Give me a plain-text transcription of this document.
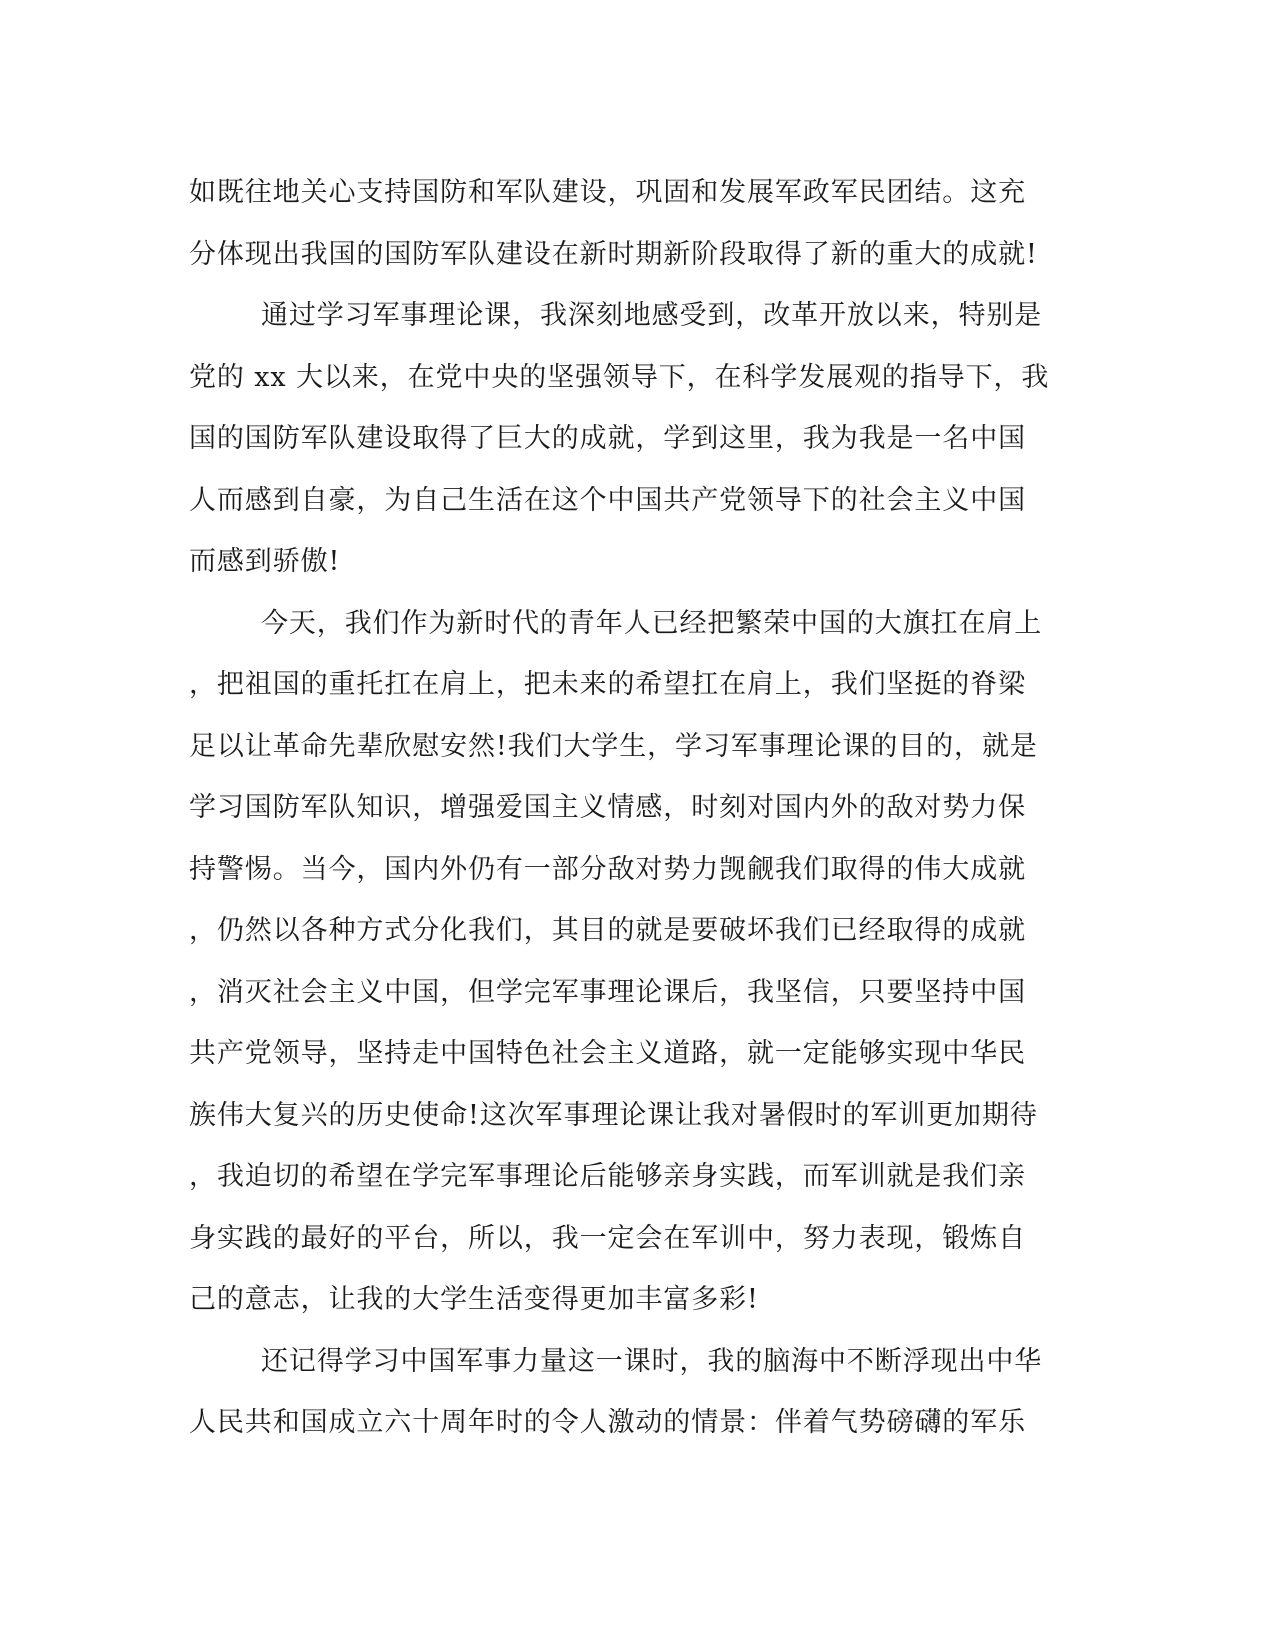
如既往地关心支持国防和军队建设，巩固和发展军政军民团结。这充
分体现出我国的国防军队建设在新时期新阶段取得了新的重大的成就!
通过学习军事理论课，我深刻地感受到，改革开放以来，特别是
党的 xx 大以来，在党中央的坚强领导下，在科学发展观的指导下，我
国的国防军队建设取得了巨大的成就，学到这里，我为我是一名中国
人而感到自豪，为自己生活在这个中国共产党领导下的社会主义中国
而感到骄傲!
今天，我们作为新时代的青年人已经把繁荣中国的大旗扛在肩上
，把祖国的重托扛在肩上，把未来的希望扛在肩上，我们坚挺的脊梁
足以让革命先辈欣慰安然!我们大学生，学习军事理论课的目的，就是
学习国防军队知识，增强爱国主义情感，时刻对国内外的敌对势力保
持警惕。当今，国内外仍有一部分敌对势力觊觎我们取得的伟大成就
，仍然以各种方式分化我们，其目的就是要破坏我们已经取得的成就
，消灭社会主义中国，但学完军事理论课后，我坚信，只要坚持中国
共产党领导，坚持走中国特色社会主义道路，就一定能够实现中华民
族伟大复兴的历史使命!这次军事理论课让我对暑假时的军训更加期待
，我迫切的希望在学完军事理论后能够亲身实践，而军训就是我们亲
身实践的最好的平台，所以，我一定会在军训中，努力表现，锻炼自
己的意志，让我的大学生活变得更加丰富多彩!
还记得学习中国军事力量这一课时，我的脑海中不断浮现出中华
人民共和国成立六十周年时的令人激动的情景：伴着气势磅礴的军乐
